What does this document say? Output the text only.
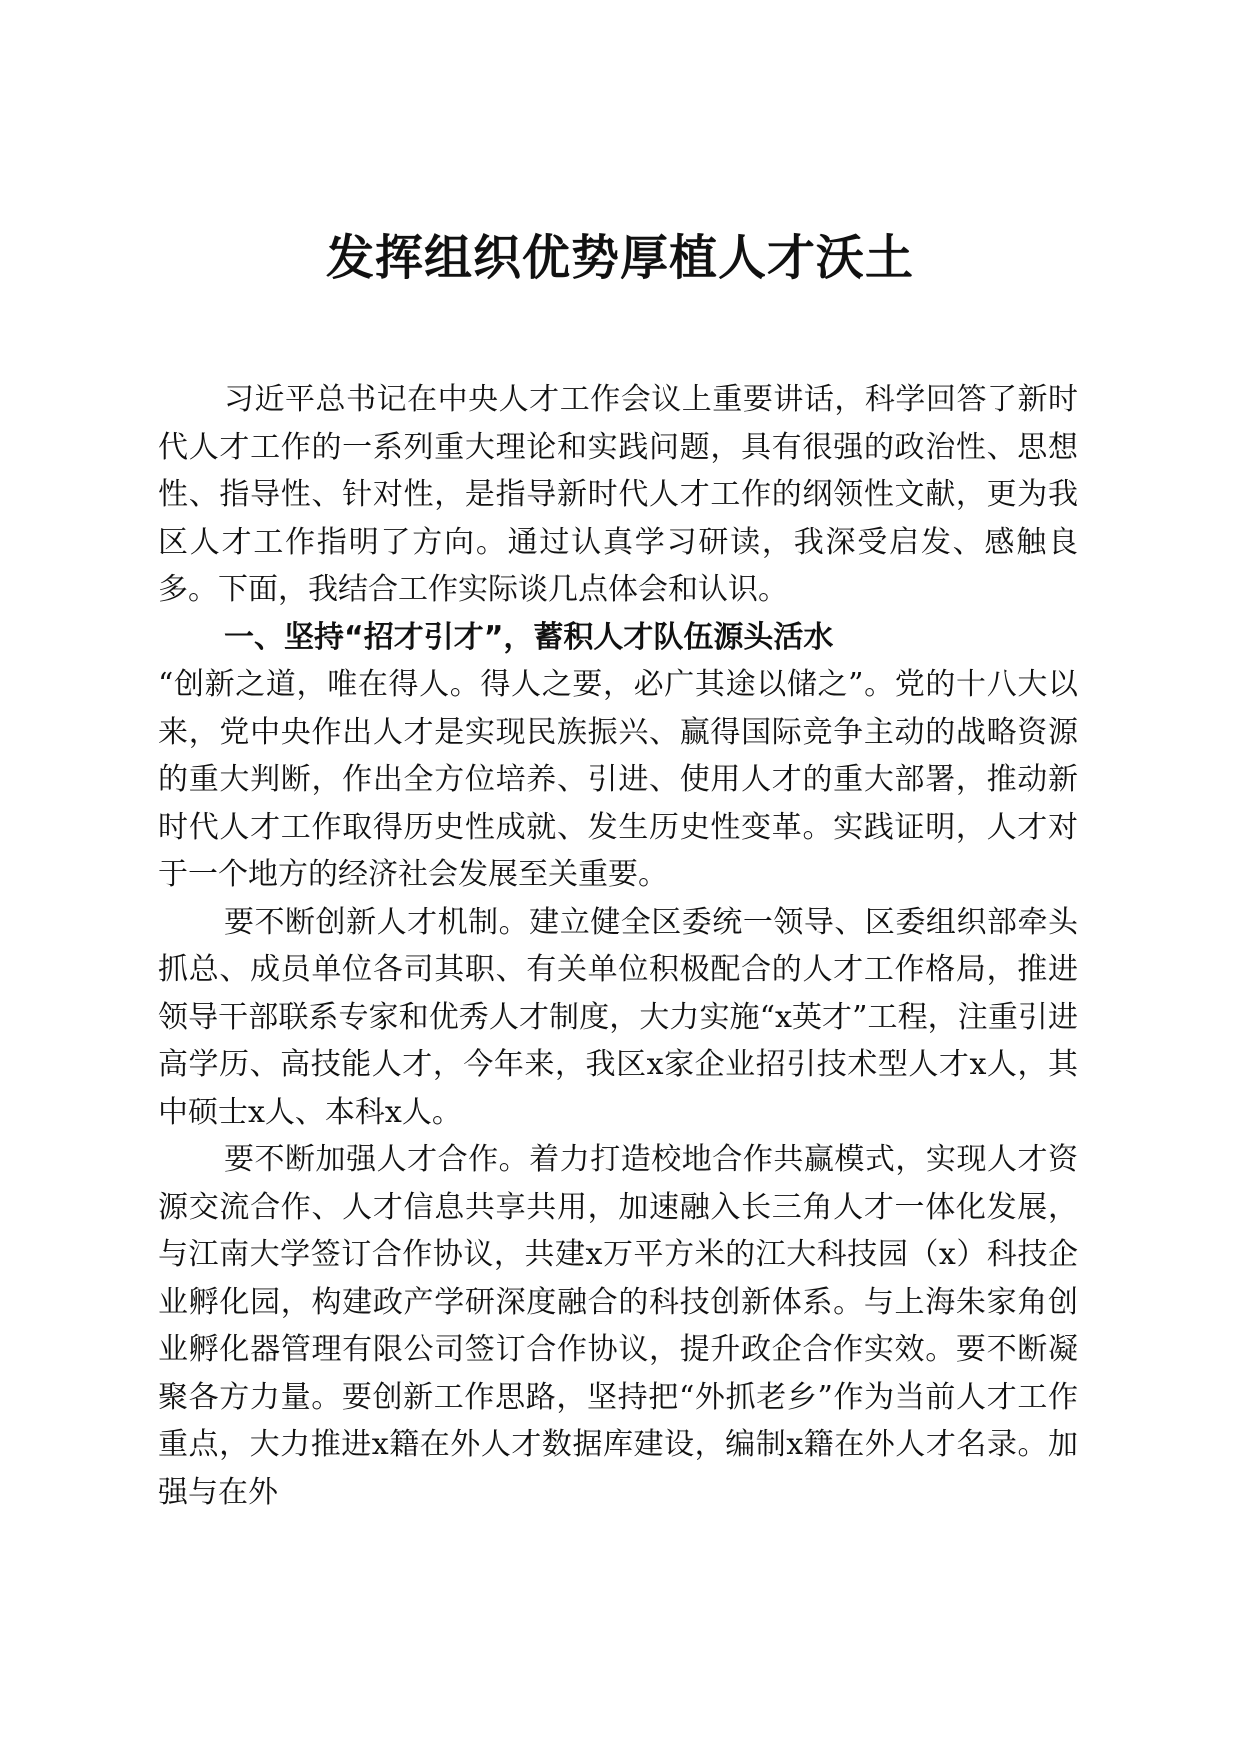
发挥组织优势厚植人才沃土

习近平总书记在中央人才工作会议上重要讲话，科学回答了新时代人才工作的一系列重大理论和实践问题，具有很强的政治性、思想性、指导性、针对性，是指导新时代人才工作的纲领性文献，更为我区人才工作指明了方向。通过认真学习研读，我深受启发、感触良多。下面，我结合工作实际谈几点体会和认识。

一、坚持“招才引才”，蓄积人才队伍源头活水

“创新之道，唯在得人。得人之要，必广其途以储之”。党的十八大以来，党中央作出人才是实现民族振兴、赢得国际竞争主动的战略资源的重大判断，作出全方位培养、引进、使用人才的重大部署，推动新时代人才工作取得历史性成就、发生历史性变革。实践证明，人才对于一个地方的经济社会发展至关重要。

要不断创新人才机制。建立健全区委统一领导、区委组织部牵头抓总、成员单位各司其职、有关单位积极配合的人才工作格局，推进领导干部联系专家和优秀人才制度，大力实施“x英才”工程，注重引进高学历、高技能人才，今年来，我区x家企业招引技术型人才x人，其中硕士x人、本科x人。

要不断加强人才合作。着力打造校地合作共赢模式，实现人才资源交流合作、人才信息共享共用，加速融入长三角人才一体化发展，与江南大学签订合作协议，共建x万平方米的江大科技园（x）科技企业孵化园，构建政产学研深度融合的科技创新体系。与上海朱家角创业孵化器管理有限公司签订合作协议，提升政企合作实效。要不断凝聚各方力量。要创新工作思路，坚持把“外抓老乡”作为当前人才工作重点，大力推进x籍在外人才数据库建设，编制x籍在外人才名录。加强与在外
